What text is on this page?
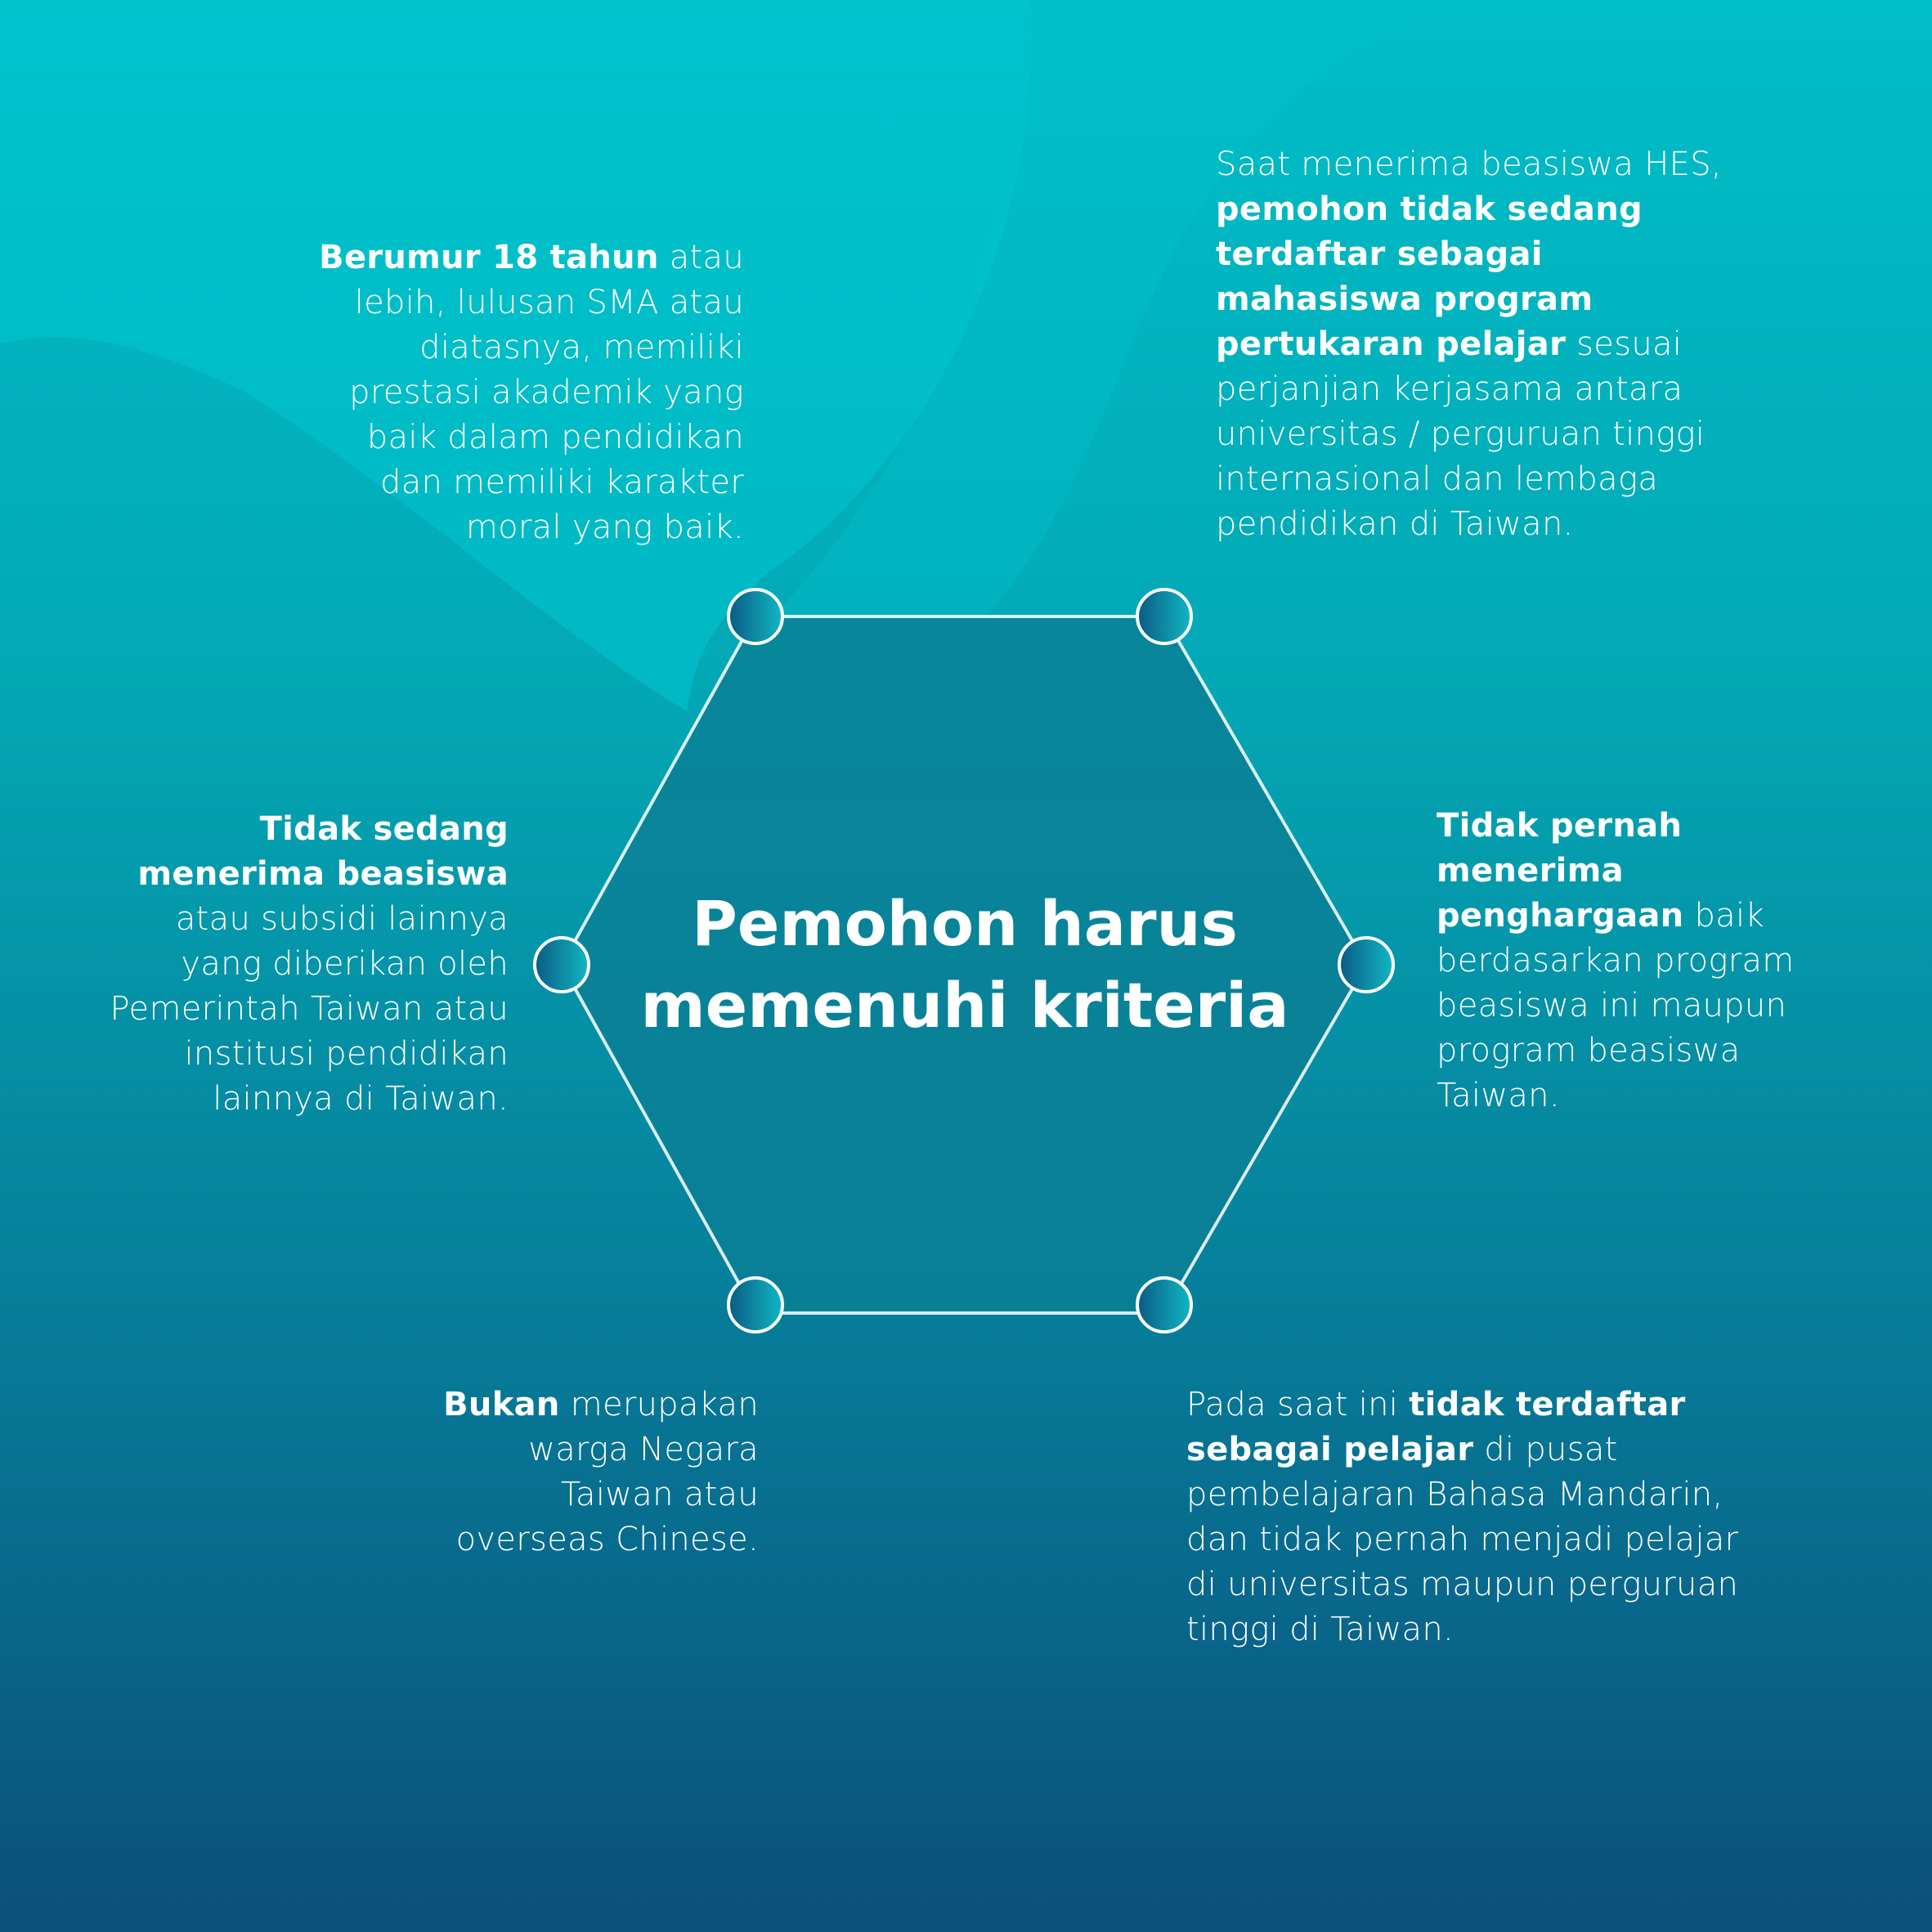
Pemohon harus
memenuhi kriteria
Berumur 18 tahun atau lebih, lulusan SMA atau diatasnya, memiliki prestasi akademik yang baik dalam pendidikan dan memiliki karakter moral yang baik.
Saat menerima beasiswa HES, pemohon tidak sedang terdaftar sebagai mahasiswa program pertukaran pelajar sesuai perjanjian kerjasama antara universitas / perguruan tinggi internasional dan lembaga pendidikan di Taiwan.
Tidak sedang menerima beasiswa atau subsidi lainnya yang diberikan oleh Pemerintah Taiwan atau institusi pendidikan lainnya di Taiwan.
Tidak pernah menerima penghargaan baik berdasarkan program beasiswa ini maupun program beasiswa Taiwan.
Bukan merupakan warga Negara Taiwan atau overseas Chinese.
Pada saat ini tidak terdaftar sebagai pelajar di pusat pembelajaran Bahasa Mandarin, dan tidak pernah menjadi pelajar di universitas maupun perguruan tinggi di Taiwan.
